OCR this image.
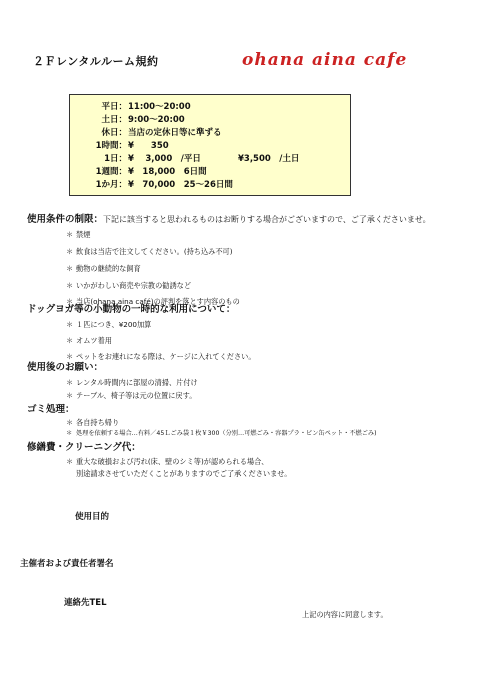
２Ｆレンタルルーム規約	ohana aina cafe
平日： 11:00～20:00
土日： 9:00～20:00
休日： 当店の定休日等に準ずる
1時間： ¥　　350
1日： ¥　 3,000　/平日	¥3,500　/土日
1週間： ¥　18,000　6日間
1か月： ¥　70,000　25～26日間
使用条件の制限：下記に該当すると思われるものはお断りする場合がございますので、ご了承くださいませ。
＊ 禁煙
＊ 飲食は当店で注文してください。(持ち込み不可)
＊ 動物の継続的な飼育
＊ いかがわしい商売や宗教の勧誘など
＊ 当店(ohana aina café)の評判を落とす内容のもの
ドッグヨガ等の小動物の一時的な利用について：
＊ １匹につき、¥200加算
＊ オムツ着用
＊ ペットをお連れになる際は、ケージに入れてください。
使用後のお願い：
＊ レンタル時間内に部屋の清掃、片付け
＊ テーブル、椅子等は元の位置に戻す。
ゴミ処理：
＊ 各自持ち帰り
＊ 処理を依頼する場合…有料／45Ｌごみ袋１枚￥300（分別…可燃ごみ・容器プラ・ビン缶ペット・不燃ごみ)
修繕費・クリーニング代：
＊ 重大な破損および汚れ(床、壁のシミ等)が認められる場合、
別途請求させていただくことがありますのでご了承くださいませ。
使用目的
主催者および責任者署名
連絡先TEL
上記の内容に同意します。
